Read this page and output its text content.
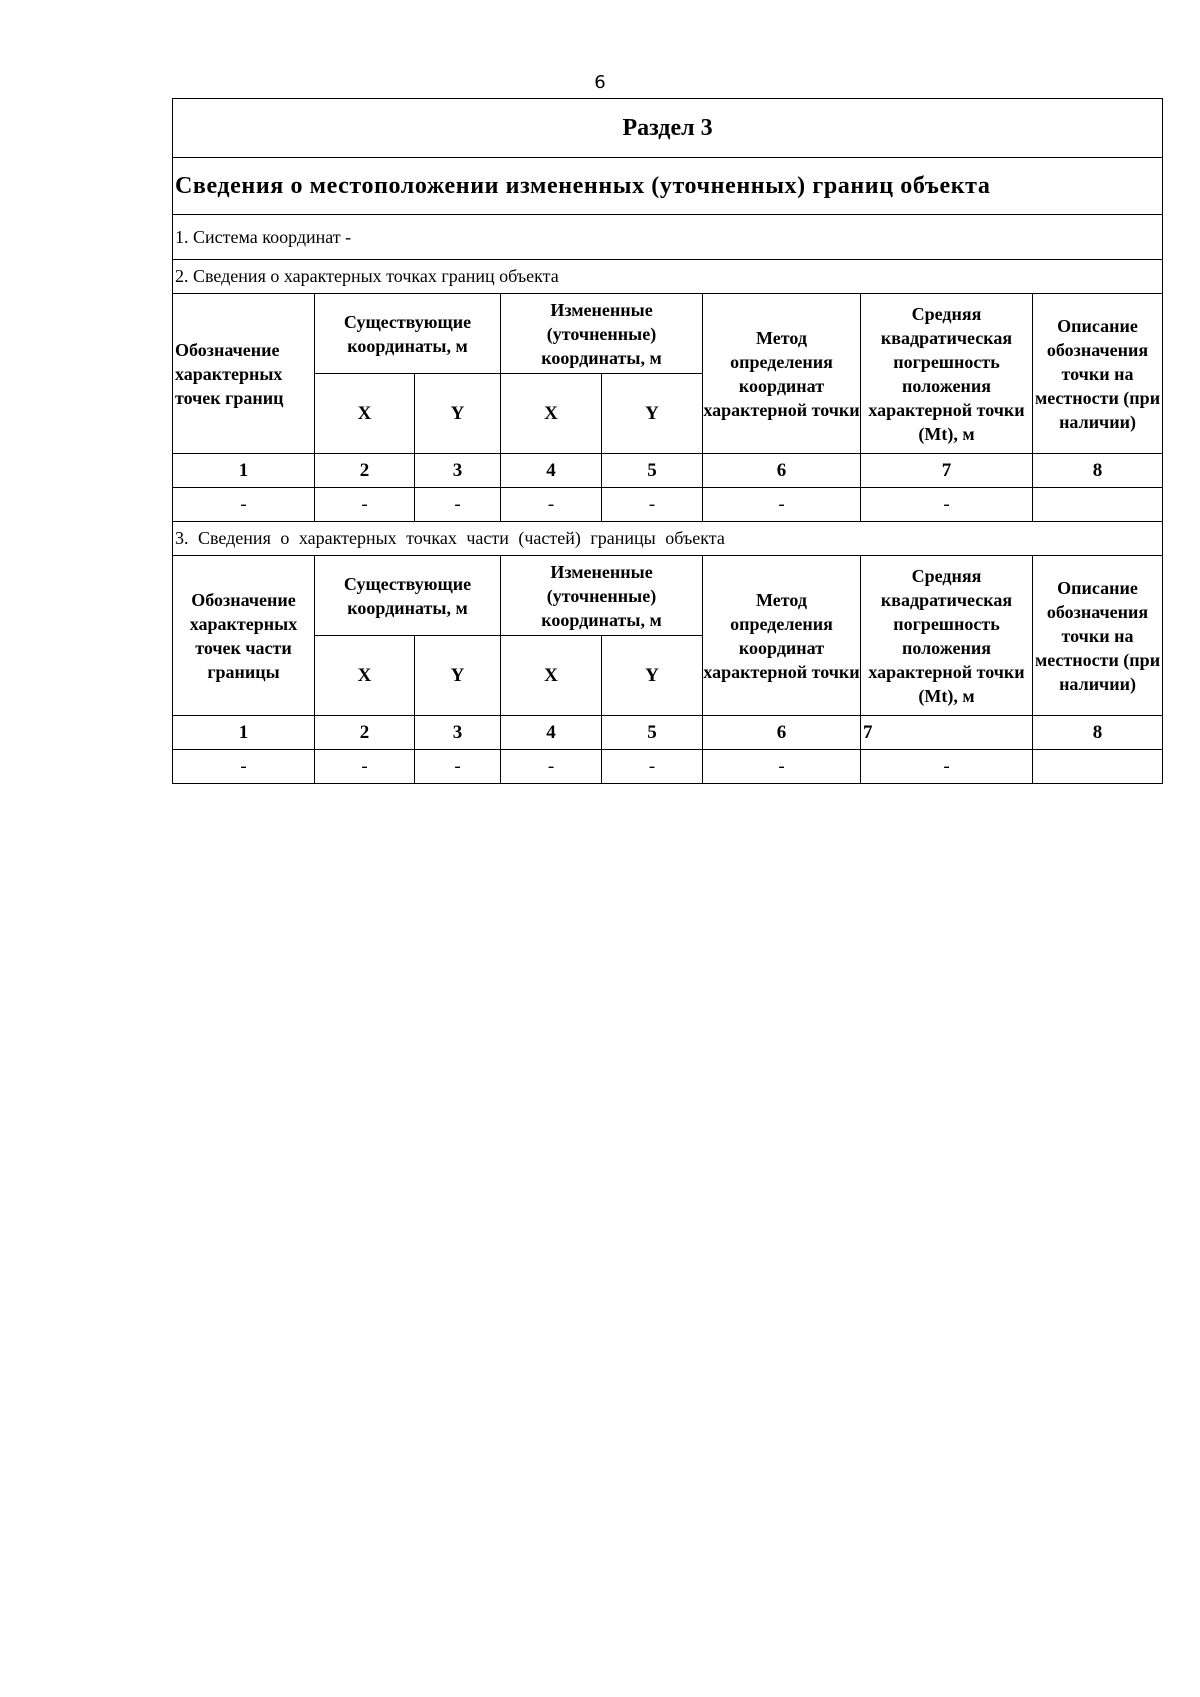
6
Раздел 3							
Сведения о местоположении измененных (уточненных) границ объекта							
1. Система координат -							
2. Сведения о характерных точках границ объекта							
Обозначение характерных точек границ	Существующие координаты, м		Измененные (уточненные) координаты, м		Метод определения координат характерной точки	Средняя квадратическая погрешность положения характерной точки (Mt), м	Описание обозначения точки на местности (при наличии)
	X	Y	X	Y			
1	2	3	4	5	6	7	8
-	-	-	-	-	-	-	
3. Сведения о характерных точках части (частей) границы объекта							
Обозначение характерных точек части границы	Существующие координаты, м		Измененные (уточненные) координаты, м		Метод определения координат характерной точки	Средняя квадратическая погрешность положения характерной точки (Mt), м	Описание обозначения точки на местности (при наличии)
	X	Y	X	Y			
1	2	3	4	5	6	7	8
-	-	-	-	-	-	-	
